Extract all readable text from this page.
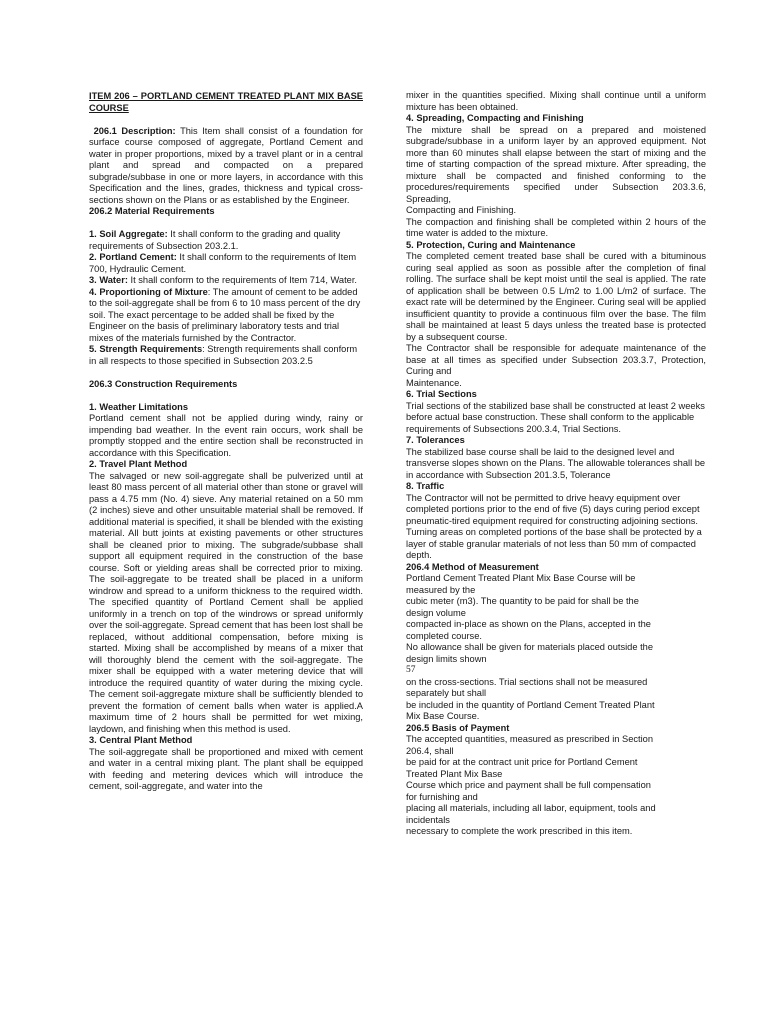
ITEM 206 – PORTLAND CEMENT TREATED PLANT MIX BASE COURSE

206.1 Description: This Item shall consist of a foundation for surface course composed of aggregate, Portland Cement and water in proper proportions, mixed by a travel plant or in a central plant and spread and compacted on a prepared subgrade/subbase in one or more layers, in accordance with this Specification and the lines, grades, thickness and typical cross-sections shown on the Plans or as established by the Engineer.

206.2 Material Requirements

1. Soil Aggregate: It shall conform to the grading and quality requirements of Subsection 203.2.1.

2. Portland Cement: It shall conform to the requirements of Item 700, Hydraulic Cement.

3. Water: It shall conform to the requirements of Item 714, Water.

4. Proportioning of Mixture: The amount of cement to be added to the soil-aggregate shall be from 6 to 10 mass percent of the dry soil. The exact percentage to be added shall be fixed by the Engineer on the basis of preliminary laboratory tests and trial mixes of the materials furnished by the Contractor.

5. Strength Requirements: Strength requirements shall conform in all respects to those specified in Subsection 203.2.5

206.3 Construction Requirements

1. Weather Limitations

Portland cement shall not be applied during windy, rainy or impending bad weather. In the event rain occurs, work shall be promptly stopped and the entire section shall be reconstructed in accordance with this Specification.

2. Travel Plant Method

The salvaged or new soil-aggregate shall be pulverized until at least 80 mass percent of all material other than stone or gravel will pass a 4.75 mm (No. 4) sieve. Any material retained on a 50 mm (2 inches) sieve and other unsuitable material shall be removed. If additional material is specified, it shall be blended with the existing material. All butt joints at existing pavements or other structures shall be cleaned prior to mixing. The subgrade/subbase shall support all equipment required in the construction of the base course. Soft or yielding areas shall be corrected prior to mixing. The soil-aggregate to be treated shall be placed in a uniform windrow and spread to a uniform thickness to the required width. The specified quantity of Portland Cement shall be applied uniformly in a trench on top of the windrows or spread uniformly over the soil-aggregate. Spread cement that has been lost shall be replaced, without additional compensation, before mixing is started. Mixing shall be accomplished by means of a mixer that will thoroughly blend the cement with the soil-aggregate. The mixer shall be equipped with a water metering device that will introduce the required quantity of water during the mixing cycle. The cement soil-aggregate mixture shall be sufficiently blended to prevent the formation of cement balls when water is applied.A maximum time of 2 hours shall be permitted for wet mixing, laydown, and finishing when this method is used.

3. Central Plant Method

The soil-aggregate shall be proportioned and mixed with cement and water in a central mixing plant. The plant shall be equipped with feeding and metering devices which will introduce the cement, soil-aggregate, and water into the

mixer in the quantities specified. Mixing shall continue until a uniform mixture has been obtained.

4. Spreading, Compacting and Finishing

The mixture shall be spread on a prepared and moistened subgrade/subbase in a uniform layer by an approved equipment. Not more than 60 minutes shall elapse between the start of mixing and the time of starting compaction of the spread mixture. After spreading, the mixture shall be compacted and finished conforming to the procedures/requirements specified under Subsection 203.3.6, Spreading,

Compacting and Finishing.

The compaction and finishing shall be completed within 2 hours of the time water is added to the mixture.

5. Protection, Curing and Maintenance

The completed cement treated base shall be cured with a bituminous curing seal applied as soon as possible after the completion of final rolling. The surface shall be kept moist until the seal is applied. The rate of application shall be between 0.5 L/m2 to 1.00 L/m2 of surface. The exact rate will be determined by the Engineer. Curing seal will be applied insufficient quantity to provide a continuous film over the base. The film shall be maintained at least 5 days unless the treated base is protected by a subsequent course.

The Contractor shall be responsible for adequate maintenance of the base at all times as specified under Subsection 203.3.7, Protection, Curing and

Maintenance.

6. Trial Sections

Trial sections of the stabilized base shall be constructed at least 2 weeks before actual base construction. These shall conform to the applicable requirements of Subsections 200.3.4, Trial Sections.

7. Tolerances

The stabilized base course shall be laid to the designed level and transverse slopes shown on the Plans. The allowable tolerances shall be in accordance with Subsection 201.3.5, Tolerance

8. Traffic

The Contractor will not be permitted to drive heavy equipment over completed portions prior to the end of five (5) days curing period except pneumatic-tired equipment required for constructing adjoining sections. Turning areas on completed portions of the base shall be protected by a layer of stable granular materials of not less than 50 mm of compacted depth.

206.4 Method of Measurement

Portland Cement Treated Plant Mix Base Course will be

measured by the

cubic meter (m3). The quantity to be paid for shall be the

design volume

compacted in-place as shown on the Plans, accepted in the

completed course.

No allowance shall be given for materials placed outside the

design limits shown

57

on the cross-sections. Trial sections shall not be measured

separately but shall

be included in the quantity of Portland Cement Treated Plant

Mix Base Course.

206.5 Basis of Payment

The accepted quantities, measured as prescribed in Section

206.4, shall

be paid for at the contract unit price for Portland Cement

Treated Plant Mix Base

Course which price and payment shall be full compensation

for furnishing and

placing all materials, including all labor, equipment, tools and

incidentals

necessary to complete the work prescribed in this item.
